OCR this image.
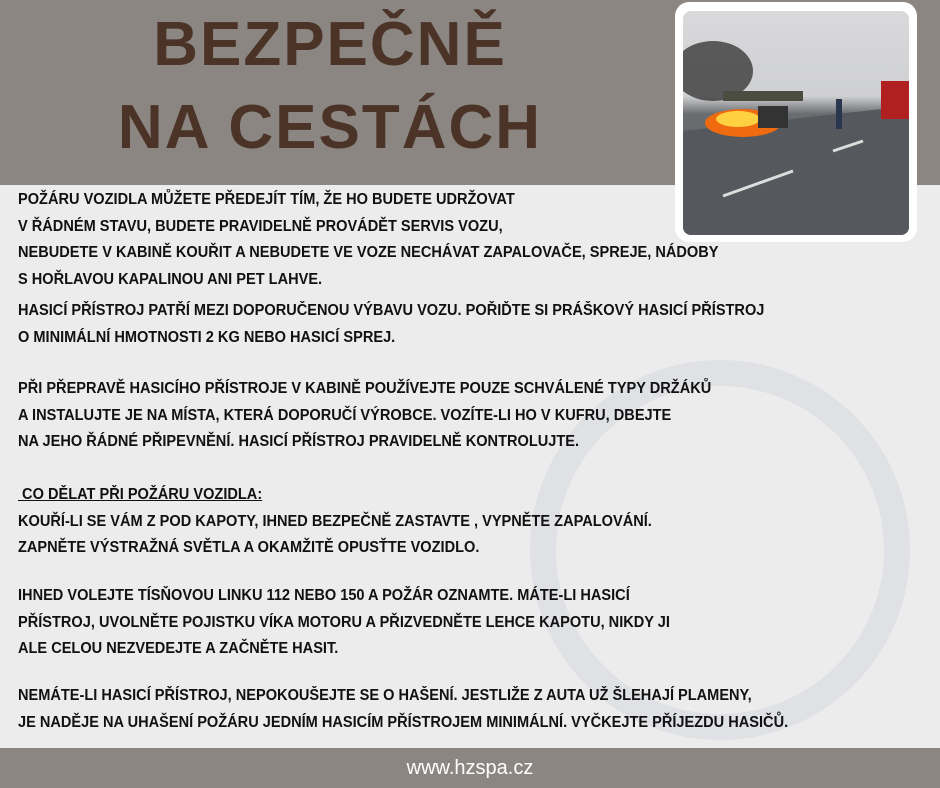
BEZPEČNĚ
NA CESTÁCH
POŽÁRU VOZIDLA MŮŽETE PŘEDEJÍT TÍM, ŽE HO BUDETE UDRŽOVAT
V ŘÁDNÉM STAVU, BUDETE PRAVIDELNĚ PROVÁDĚT SERVIS VOZU,
NEBUDETE V KABINĚ KOUŘIT A NEBUDETE VE VOZE NECHÁVAT ZAPALOVAČE, SPREJE, NÁDOBY
S HOŘLAVOU KAPALINOU ANI PET LAHVE.
HASICÍ PŘÍSTROJ PATŘÍ MEZI DOPORUČENOU VÝBAVU VOZU. POŘIĎTE SI PRÁŠKOVÝ HASICÍ PŘÍSTROJ
O MINIMÁLNÍ HMOTNOSTI 2 KG NEBO HASICÍ SPREJ.
PŘI PŘEPRAVĚ HASICÍHO PŘÍSTROJE V KABINĚ POUŽÍVEJTE POUZE SCHVÁLENÉ TYPY DRŽÁKŮ
A INSTALUJTE JE NA MÍSTA, KTERÁ DOPORUČÍ VÝROBCE. VOZÍTE-LI HO V KUFRU, DBEJTE
NA JEHO ŘÁDNÉ PŘIPEVNĚNÍ. HASICÍ PŘÍSTROJ PRAVIDELNĚ KONTROLUJTE.
CO DĚLAT PŘI POŽÁRU VOZIDLA:
KOUŘÍ-LI SE VÁM Z POD KAPOTY, IHNED BEZPEČNĚ ZASTAVTE , VYPNĚTE ZAPALOVÁNÍ.
ZAPNĚTE VÝSTRAŽNÁ SVĚTLA A OKAMŽITĚ OPUSŤTE VOZIDLO.
IHNED VOLEJTE TÍSŇOVOU LINKU 112 NEBO 150 A POŽÁR OZNAMTE. MÁTE-LI HASICÍ
PŘÍSTROJ, UVOLNĚTE POJISTKU VÍKA MOTORU A PŘIZVEDNĚTE LEHCE KAPOTU, NIKDY JI
ALE CELOU NEZVEDEJTE A ZAČNĚTE HASIT.
NEMÁTE-LI HASICÍ PŘÍSTROJ, NEPOKOUŠEJTE SE O HAŠENÍ. JESTLIŽE Z AUTA UŽ ŠLEHAJÍ PLAMENY,
JE NADĚJE NA UHAŠENÍ POŽÁRU JEDNÍM HASICÍM PŘÍSTROJEM MINIMÁLNÍ. VYČKEJTE PŘÍJEZDU HASIČŮ.
www.hzspa.cz
